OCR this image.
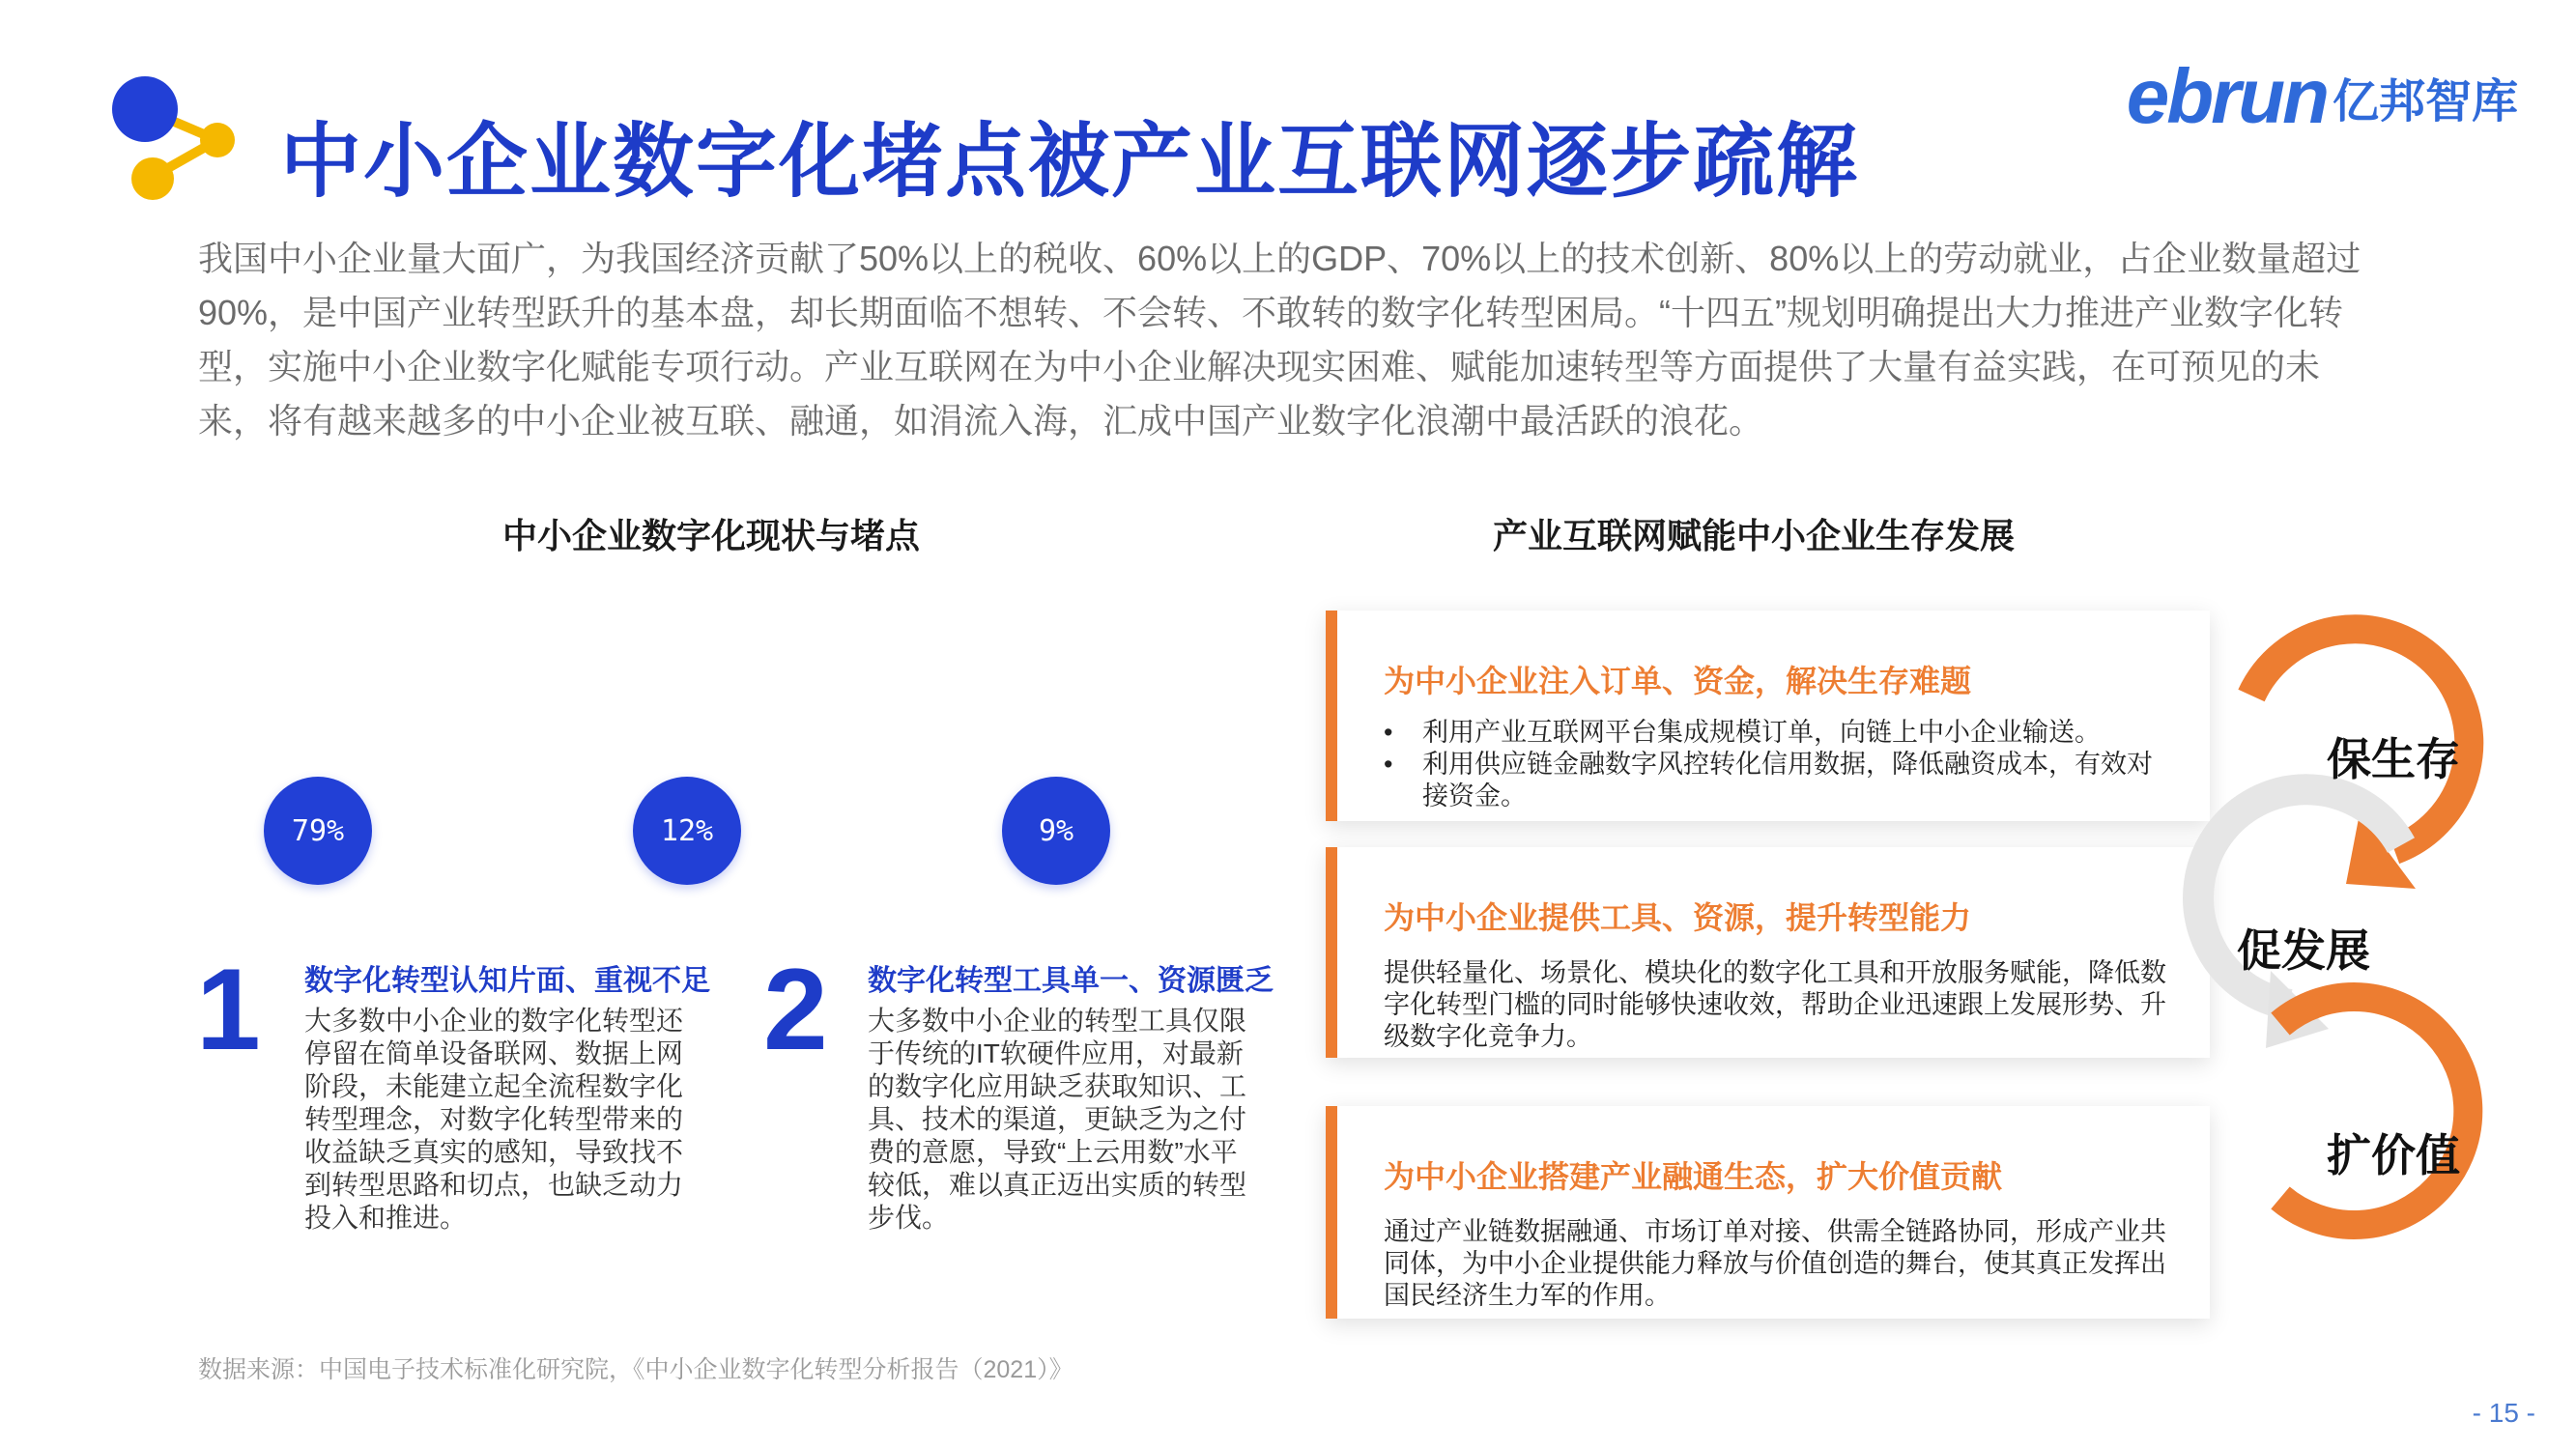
中小企业数字化堵点被产业互联网逐步疏解
ebrun 亿邦智库
我国中小企业量大面广，为我国经济贡献了50%以上的税收、60%以上的GDP、70%以上的技术创新、80%以上的劳动就业，占企业数量超过90%，是中国产业转型跃升的基本盘，却长期面临不想转、不会转、不敢转的数字化转型困局。“十四五”规划明确提出大力推进产业数字化转型，实施中小企业数字化赋能专项行动。产业互联网在为中小企业解决现实困难、赋能加速转型等方面提供了大量有益实践，在可预见的未来，将有越来越多的中小企业被互联、融通，如涓流入海，汇成中国产业数字化浪潮中最活跃的浪花。
中小企业数字化现状与堵点	产业互联网赋能中小企业生存发展
79%	12%	9%
1 数字化转型认知片面、重视不足
大多数中小企业的数字化转型还停留在简单设备联网、数据上网阶段，未能建立起全流程数字化转型理念，对数字化转型带来的收益缺乏真实的感知，导致找不到转型思路和切点，也缺乏动力投入和推进。
2 数字化转型工具单一、资源匮乏
大多数中小企业的转型工具仅限于传统的IT软硬件应用，对最新的数字化应用缺乏获取知识、工具、技术的渠道，更缺乏为之付费的意愿，导致“上云用数”水平较低，难以真正迈出实质的转型步伐。
为中小企业注入订单、资金，解决生存难题
• 利用产业互联网平台集成规模订单，向链上中小企业输送。
• 利用供应链金融数字风控转化信用数据，降低融资成本，有效对接资金。
为中小企业提供工具、资源，提升转型能力
提供轻量化、场景化、模块化的数字化工具和开放服务赋能，降低数字化转型门槛的同时能够快速收效，帮助企业迅速跟上发展形势、升级数字化竞争力。
为中小企业搭建产业融通生态，扩大价值贡献
通过产业链数据融通、市场订单对接、供需全链路协同，形成产业共同体，为中小企业提供能力释放与价值创造的舞台，使其真正发挥出国民经济生力军的作用。
保生存
促发展
扩价值
数据来源：中国电子技术标准化研究院，《中小企业数字化转型分析报告（2021）》
- 15 -
